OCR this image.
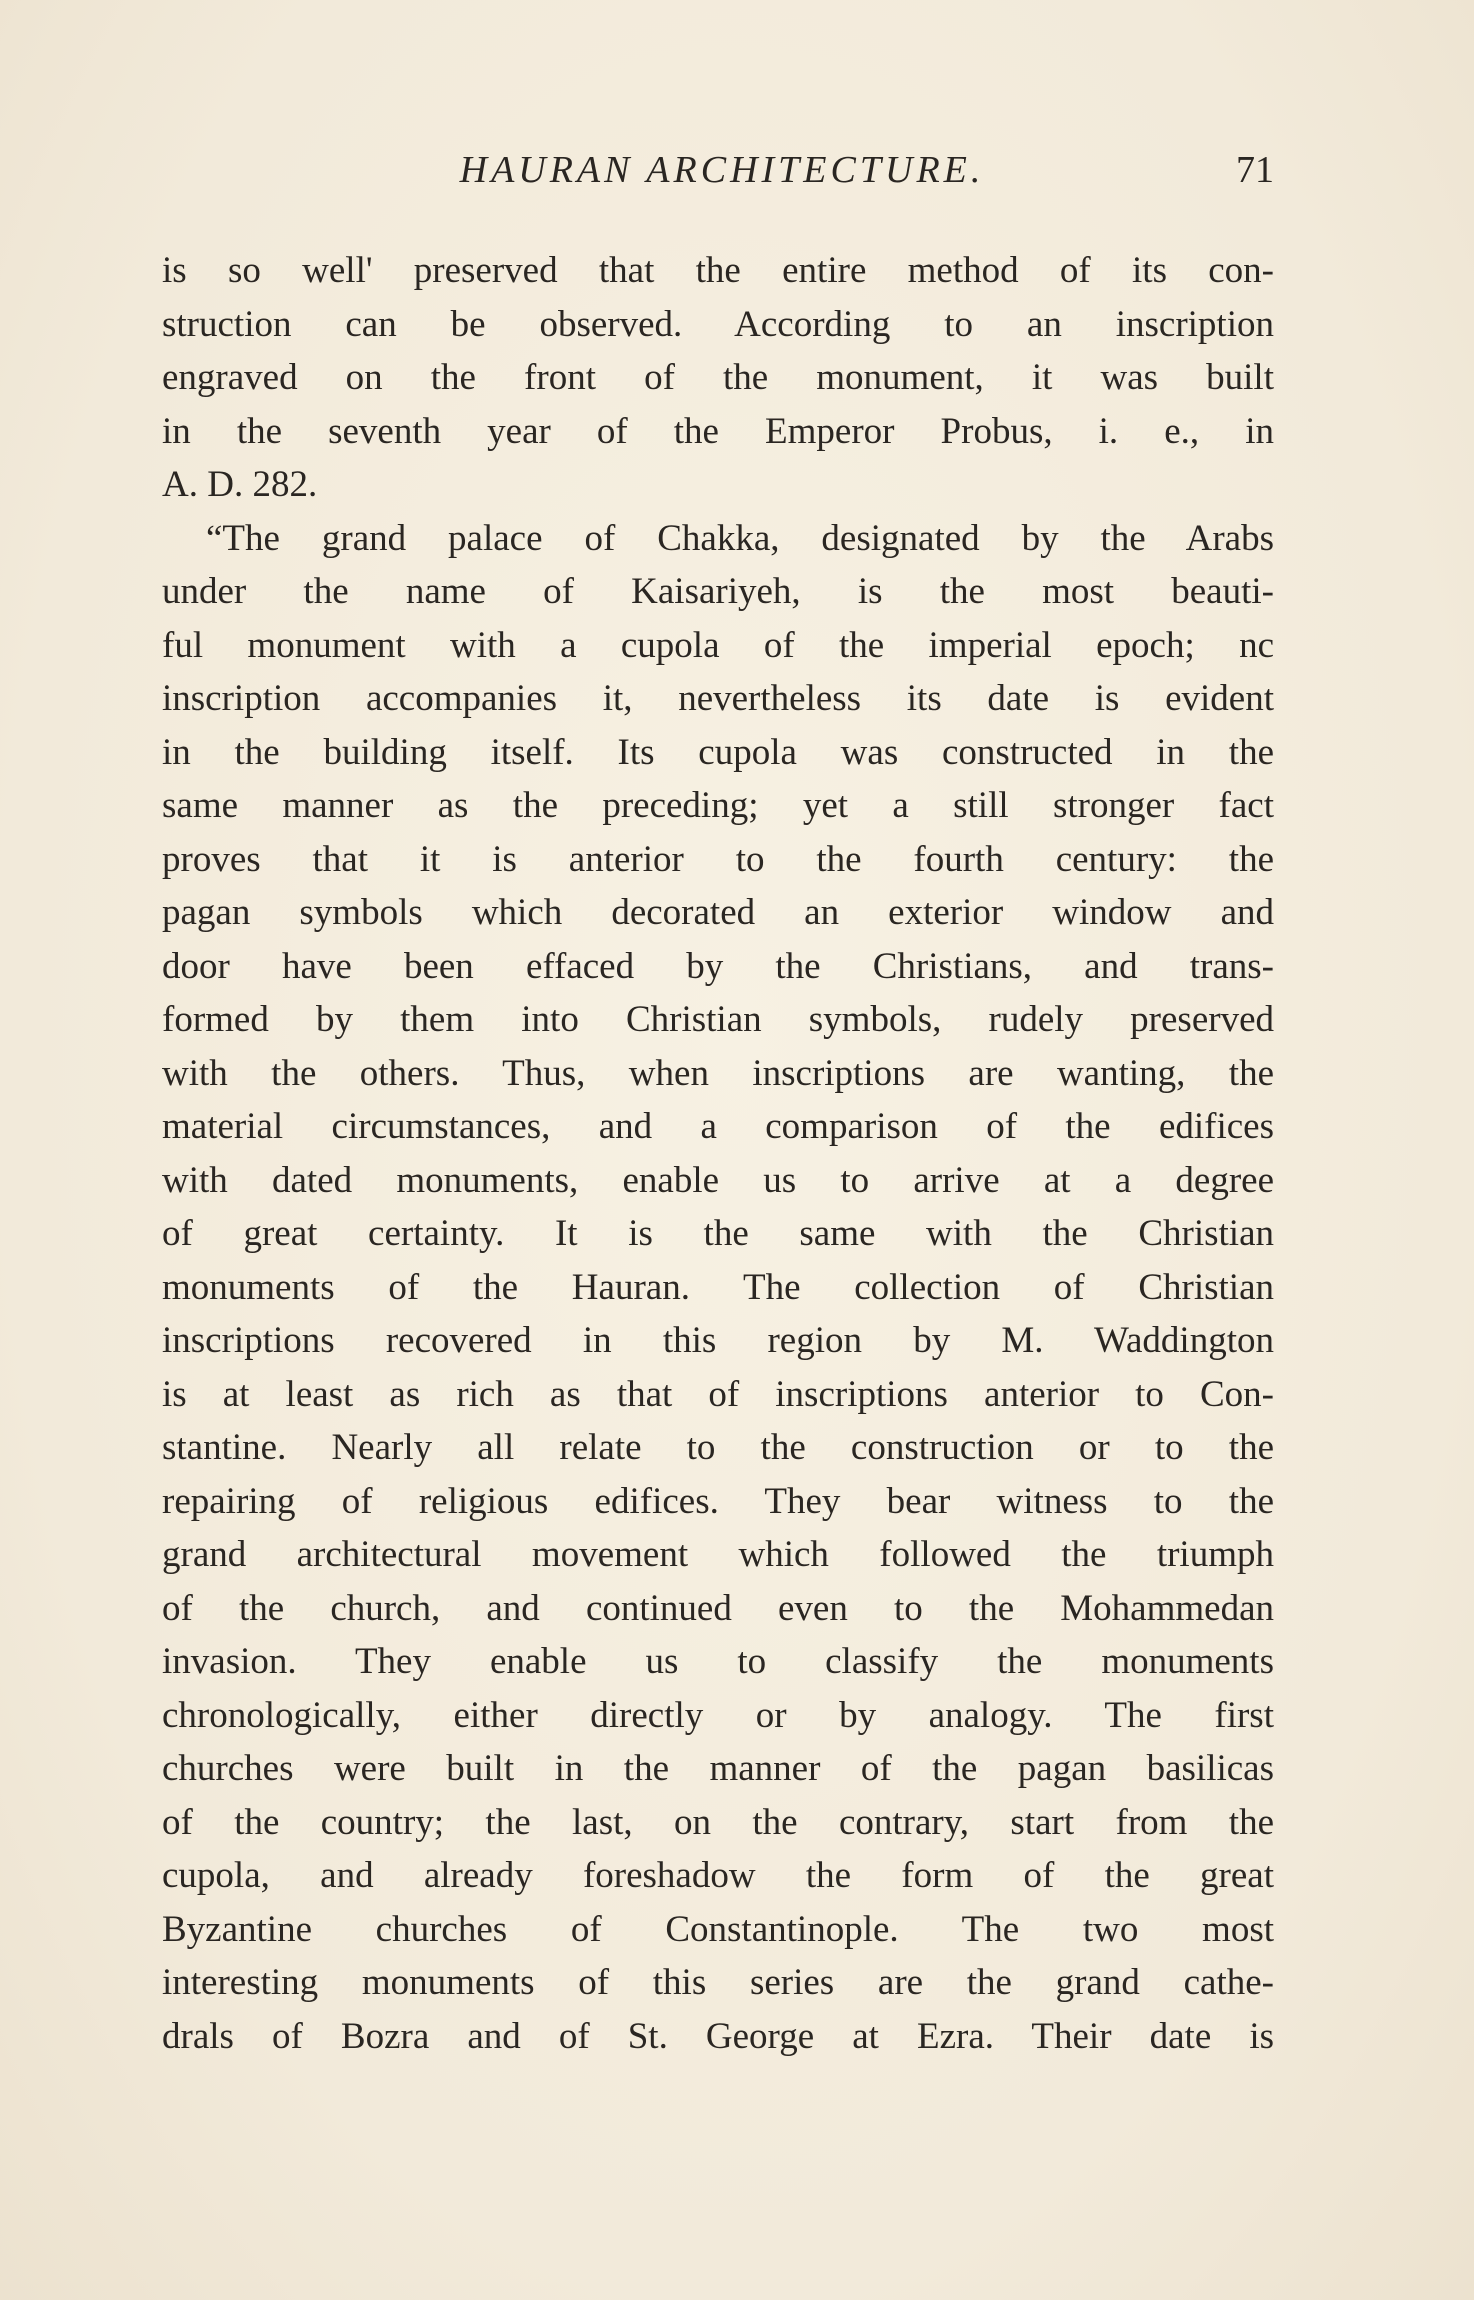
HAURAN ARCHITECTURE.	71
is so well' preserved that the entire method of its con-
struction can be observed. According to an inscription
engraved on the front of the monument, it was built
in the seventh year of the Emperor Probus, i. e., in
A. D. 282.
“The grand palace of Chakka, designated by the Arabs
under the name of Kaisariyeh, is the most beauti-
ful monument with a cupola of the imperial epoch; nc
inscription accompanies it, nevertheless its date is evident
in the building itself. Its cupola was constructed in the
same manner as the preceding; yet a still stronger fact
proves that it is anterior to the fourth century: the
pagan symbols which decorated an exterior window and
door have been effaced by the Christians, and trans-
formed by them into Christian symbols, rudely preserved
with the others. Thus, when inscriptions are wanting, the
material circumstances, and a comparison of the edifices
with dated monuments, enable us to arrive at a degree
of great certainty. It is the same with the Christian
monuments of the Hauran. The collection of Christian
inscriptions recovered in this region by M. Waddington
is at least as rich as that of inscriptions anterior to Con-
stantine. Nearly all relate to the construction or to the
repairing of religious edifices. They bear witness to the
grand architectural movement which followed the triumph
of the church, and continued even to the Mohammedan
invasion. They enable us to classify the monuments
chronologically, either directly or by analogy. The first
churches were built in the manner of the pagan basilicas
of the country; the last, on the contrary, start from the
cupola, and already foreshadow the form of the great
Byzantine churches of Constantinople. The two most
interesting monuments of this series are the grand cathe-
drals of Bozra and of St. George at Ezra. Their date is
